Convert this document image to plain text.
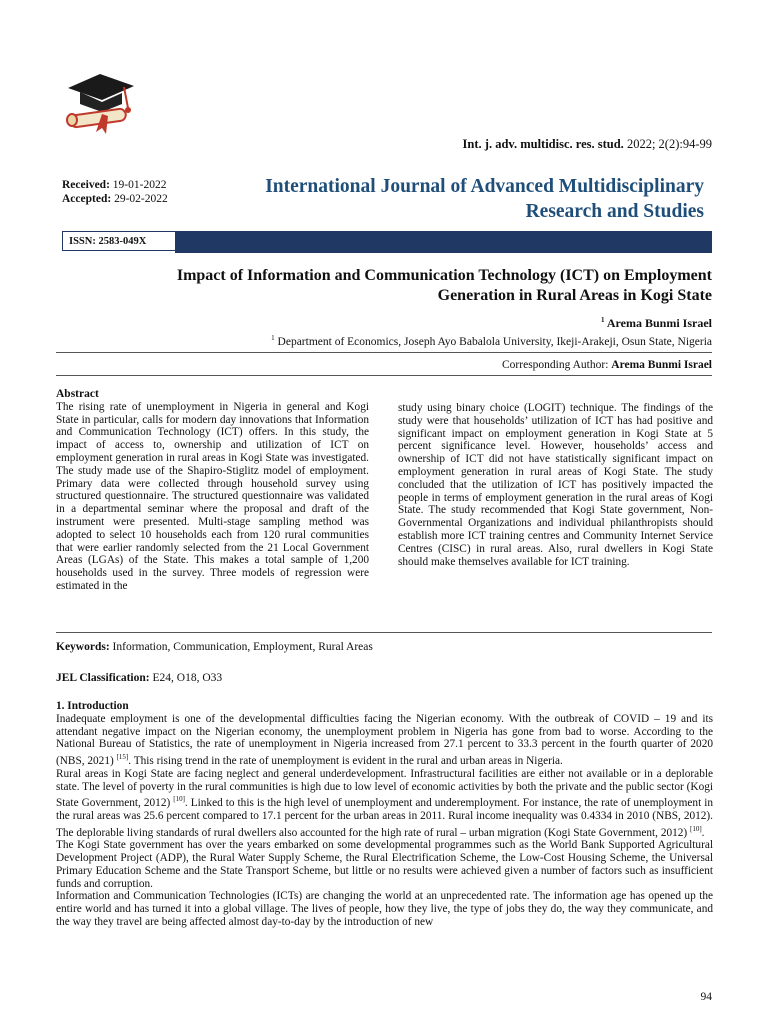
Int. j. adv. multidisc. res. stud. 2022; 2(2):94-99
Received: 19-01-2022
Accepted: 29-02-2022
International Journal of Advanced Multidisciplinary
Research and Studies
ISSN: 2583-049X
Impact of Information and Communication Technology (ICT) on Employment
Generation in Rural Areas in Kogi State
$^1$ Arema Bunmi Israel
$^1$ Department of Economics, Joseph Ayo Babalola University, Ikeji-Arakeji, Osun State, Nigeria
Corresponding Author: Arema Bunmi Israel
Abstract
The rising rate of unemployment in Nigeria in general and Kogi State in particular, calls for modern day innovations that Information and Communication Technology (ICT) offers. In this study, the impact of access to, ownership and utilization of ICT on employment generation in rural areas in Kogi State was investigated. The study made use of the Shapiro-Stiglitz model of employment. Primary data were collected through household survey using structured questionnaire. The structured questionnaire was validated in a departmental seminar where the proposal and draft of the instrument were presented. Multi-stage sampling method was adopted to select 10 households each from 120 rural communities that were earlier randomly selected from the 21 Local Government Areas (LGAs) of the State. This makes a total sample of 1,200 households used in the survey. Three models of regression were estimated in the
study using binary choice (LOGIT) technique. The findings of the study were that households’ utilization of ICT has had positive and significant impact on employment generation in Kogi State at 5 percent significance level. However, households’ access and ownership of ICT did not have statistically significant impact on employment generation in rural areas of Kogi State. The study concluded that the utilization of ICT has positively impacted the people in terms of employment generation in the rural areas of Kogi State. The study recommended that Kogi State government, Non-Governmental Organizations and individual philanthropists should establish more ICT training centres and Community Internet Service Centres (CISC) in rural areas. Also, rural dwellers in Kogi State should make themselves available for ICT training.
Keywords: Information, Communication, Employment, Rural Areas
JEL Classification: E24, O18, O33
1. Introduction

Inadequate employment is one of the developmental difficulties facing the Nigerian economy. With the outbreak of COVID – 19 and its attendant negative impact on the Nigerian economy, the unemployment problem in Nigeria has gone from bad to worse. According to the National Bureau of Statistics, the rate of unemployment in Nigeria increased from 27.1 percent to 33.3 percent in the fourth quarter of 2020 (NBS, 2021) [15]. This rising trend in the rate of unemployment is evident in the rural and urban areas in Nigeria.

Rural areas in Kogi State are facing neglect and general underdevelopment. Infrastructural facilities are either not available or in a deplorable state. The level of poverty in the rural communities is high due to low level of economic activities by both the private and the public sector (Kogi State Government, 2012) [10]. Linked to this is the high level of unemployment and underemployment. For instance, the rate of unemployment in the rural areas was 25.6 percent compared to 17.1 percent for the urban areas in 2011. Rural income inequality was 0.4334 in 2010 (NBS, 2012). The deplorable living standards of rural dwellers also accounted for the high rate of rural – urban migration (Kogi State Government, 2012) [10].

The Kogi State government has over the years embarked on some developmental programmes such as the World Bank Supported Agricultural Development Project (ADP), the Rural Water Supply Scheme, the Rural Electrification Scheme, the Low-Cost Housing Scheme, the Universal Primary Education Scheme and the State Transport Scheme, but little or no results were achieved given a number of factors such as insufficient funds and corruption.

Information and Communication Technologies (ICTs) are changing the world at an unprecedented rate. The information age has opened up the entire world and has turned it into a global village. The lives of people, how they live, the type of jobs they do, the way they communicate, and the way they travel are being affected almost day-to-day by the introduction of new

94
